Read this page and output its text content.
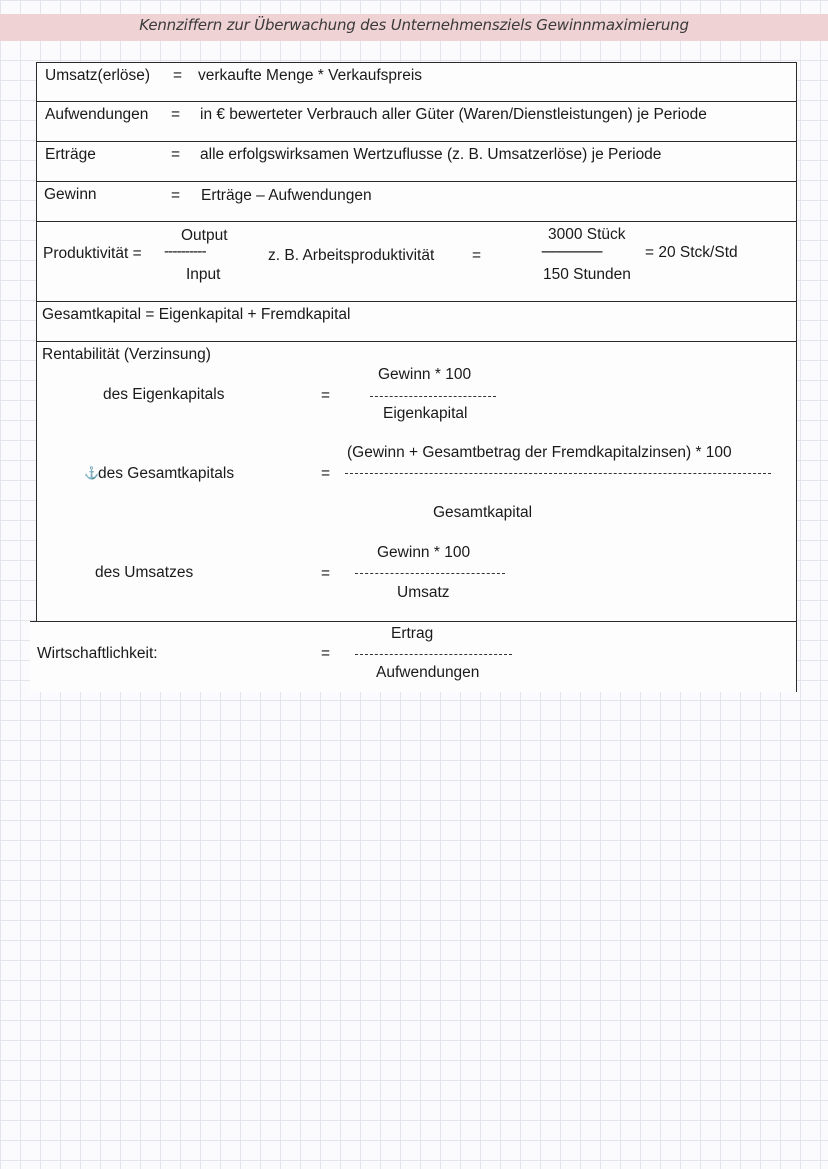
Kennziffern zur Überwachung des Unternehmensziels Gewinnmaximierung
Umsatz(erlöse) = verkaufte Menge * Verkaufspreis
Aufwendungen = in € bewerteter Verbrauch aller Güter (Waren/Dienstleistungen) je Periode
Erträge	= alle erfolgswirksamen Wertzuflusse (z. B. Umsatzerlöse) je Periode
Gewinn	= Erträge – Aufwendungen
Produktivität =
Output
----------
Input
z. B. Arbeitsproduktivität =
3000 Stück
-----------------	= 20 Stck/Std
150 Stunden
Gesamtkapital = Eigenkapital + Fremdkapital
Rentabilität (Verzinsung)
des Eigenkapitals	=
Gewinn * 100
Eigenkapital
⚓ des Gesamtkapitals	=
(Gewinn + Gesamtbetrag der Fremdkapitalzinsen) * 100
Gesamtkapital
des Umsatzes	=
Gewinn * 100
Umsatz
Wirtschaftlichkeit:	=
Ertrag
Aufwendungen
